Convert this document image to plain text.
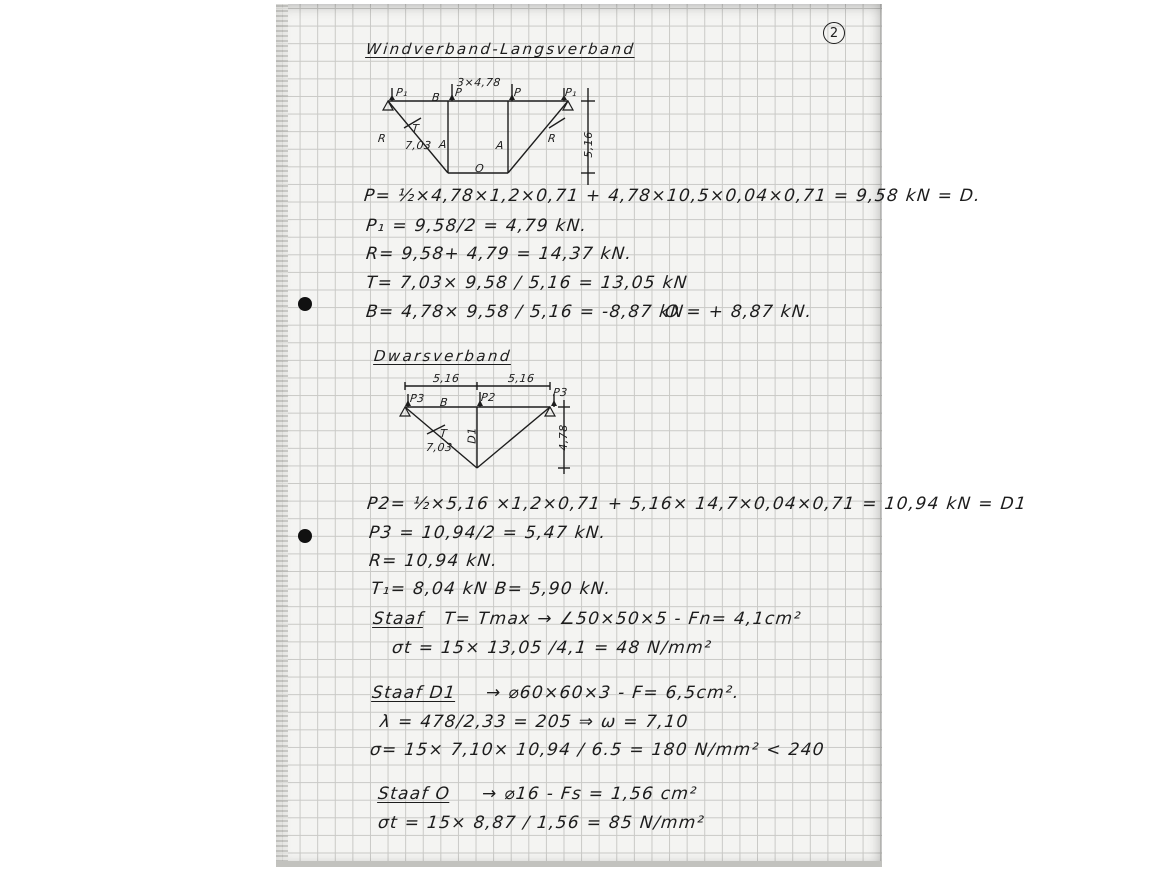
2
Windverband-Langsverband
3×4,78
P₁ B P	P	P₁
R	R
T
7,03 A	A
O
5,16
P= ½×4,78×1,2×0,71 + 4,78×10,5×0,04×0,71 = 9,58 kN = D.
P₁ = 9,58/2 = 4,79 kN.
R= 9,58+ 4,79 = 14,37 kN.
T= 7,03× 9,58 / 5,16 = 13,05 kN
B= 4,78× 9,58 / 5,16 = -8,87 kN
O = + 8,87 kN.
Dwarsverband
5,16	5,16
P3	P2	P3
B
T
7,03
D1	4,78
P2= ½×5,16 ×1,2×0,71 + 5,16× 14,7×0,04×0,71 = 10,94 kN = D1
P3 = 10,94/2 = 5,47 kN.
R= 10,94 kN.
T₁= 8,04 kN B= 5,90 kN.
Staaf T= Tmax → ∠50×50×5 - Fn= 4,1cm²
σt = 15× 13,05 /4,1 = 48 N/mm²
Staaf D1 → ⌀60×60×3 - F= 6,5cm².
λ = 478/2,33 = 205 ⇒ ω = 7,10
σ= 15× 7,10× 10,94 / 6.5 = 180 N/mm² < 240
Staaf O → ⌀16 - Fs = 1,56 cm²
σt = 15× 8,87 / 1,56 = 85 N/mm²
